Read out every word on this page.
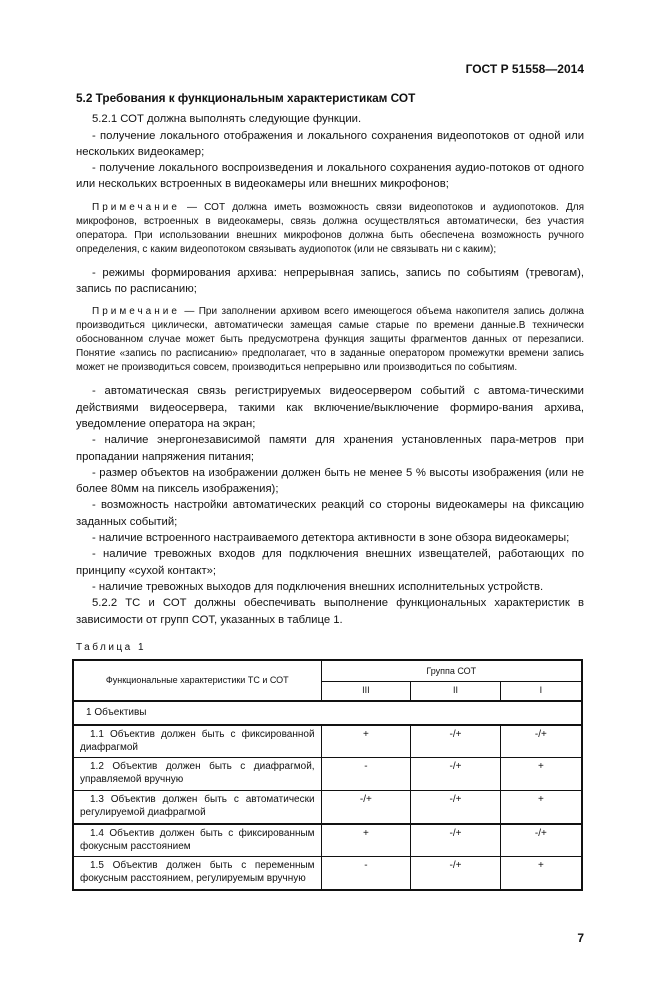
ГОСТ Р 51558—2014
5.2 Требования к функциональным характеристикам СОТ

5.2.1 СОТ должна выполнять следующие функции.

- получение локального отображения и локального сохранения видеопотоков от одной или нескольких видеокамер;

- получение локального воспроизведения и локального сохранения аудио-потоков от одного или нескольких встроенных в видеокамеры или внешних микрофонов;

Примечание — СОТ должна иметь возможность связи видеопотоков и аудиопотоков. Для микрофонов, встроенных в видеокамеры, связь должна осуществляться автоматически, без участия оператора. При использовании внешних микрофонов должна быть обеспечена возможность ручного определения, с каким видеопотоком связывать аудиопоток (или не связывать ни с каким);

- режимы формирования архива: непрерывная запись, запись по событиям (тревогам), запись по расписанию;

Примечание — При заполнении архивом всего имеющегося объема накопителя запись должна производиться циклически, автоматически замещая самые старые по времени данные.В технически обоснованном случае может быть предусмотрена функция защиты фрагментов данных от перезаписи. Понятие «запись по расписанию» предполагает, что в заданные оператором промежутки времени запись может не производиться совсем, производиться непрерывно или производиться по событиям.

- автоматическая связь регистрируемых видеосервером событий с автома-тическими действиями видеосервера, такими как включение/выключение формиро-вания архива, уведомление оператора на экран;

- наличие энергонезависимой памяти для хранения установленных пара-метров при пропадании напряжения питания;

- размер объектов на изображении должен быть не менее 5 % высоты изображения (или не более 80мм на пиксель изображения);

- возможность настройки автоматических реакций со стороны видеокамеры на фиксацию заданных событий;

- наличие встроенного настраиваемого детектора активности в зоне обзора видеокамеры;

- наличие тревожных входов для подключения внешних извещателей, работающих по принципу «сухой контакт»;

- наличие тревожных выходов для подключения внешних исполнительных устройств.

5.2.2 ТС и СОТ должны обеспечивать выполнение функциональных характеристик в зависимости от групп СОТ, указанных в таблице 1.

Таблица 1
Функциональные характеристики ТС и СОТ	Группа СОТ		
	III	II	I
1 Объективы			
1.1 Объектив должен быть с фиксированной диафрагмой	+	-/+	-/+
1.2 Объектив должен быть с диафрагмой, управляемой вручную	-	-/+	+
1.3 Объектив должен быть с автоматически регулируемой диафрагмой	-/+	-/+	+
1.4 Объектив должен быть с фиксированным фокусным расстоянием	+	-/+	-/+
1.5 Объектив должен быть с переменным фокусным расстоянием, регулируемым вручную	-	-/+	+
7
